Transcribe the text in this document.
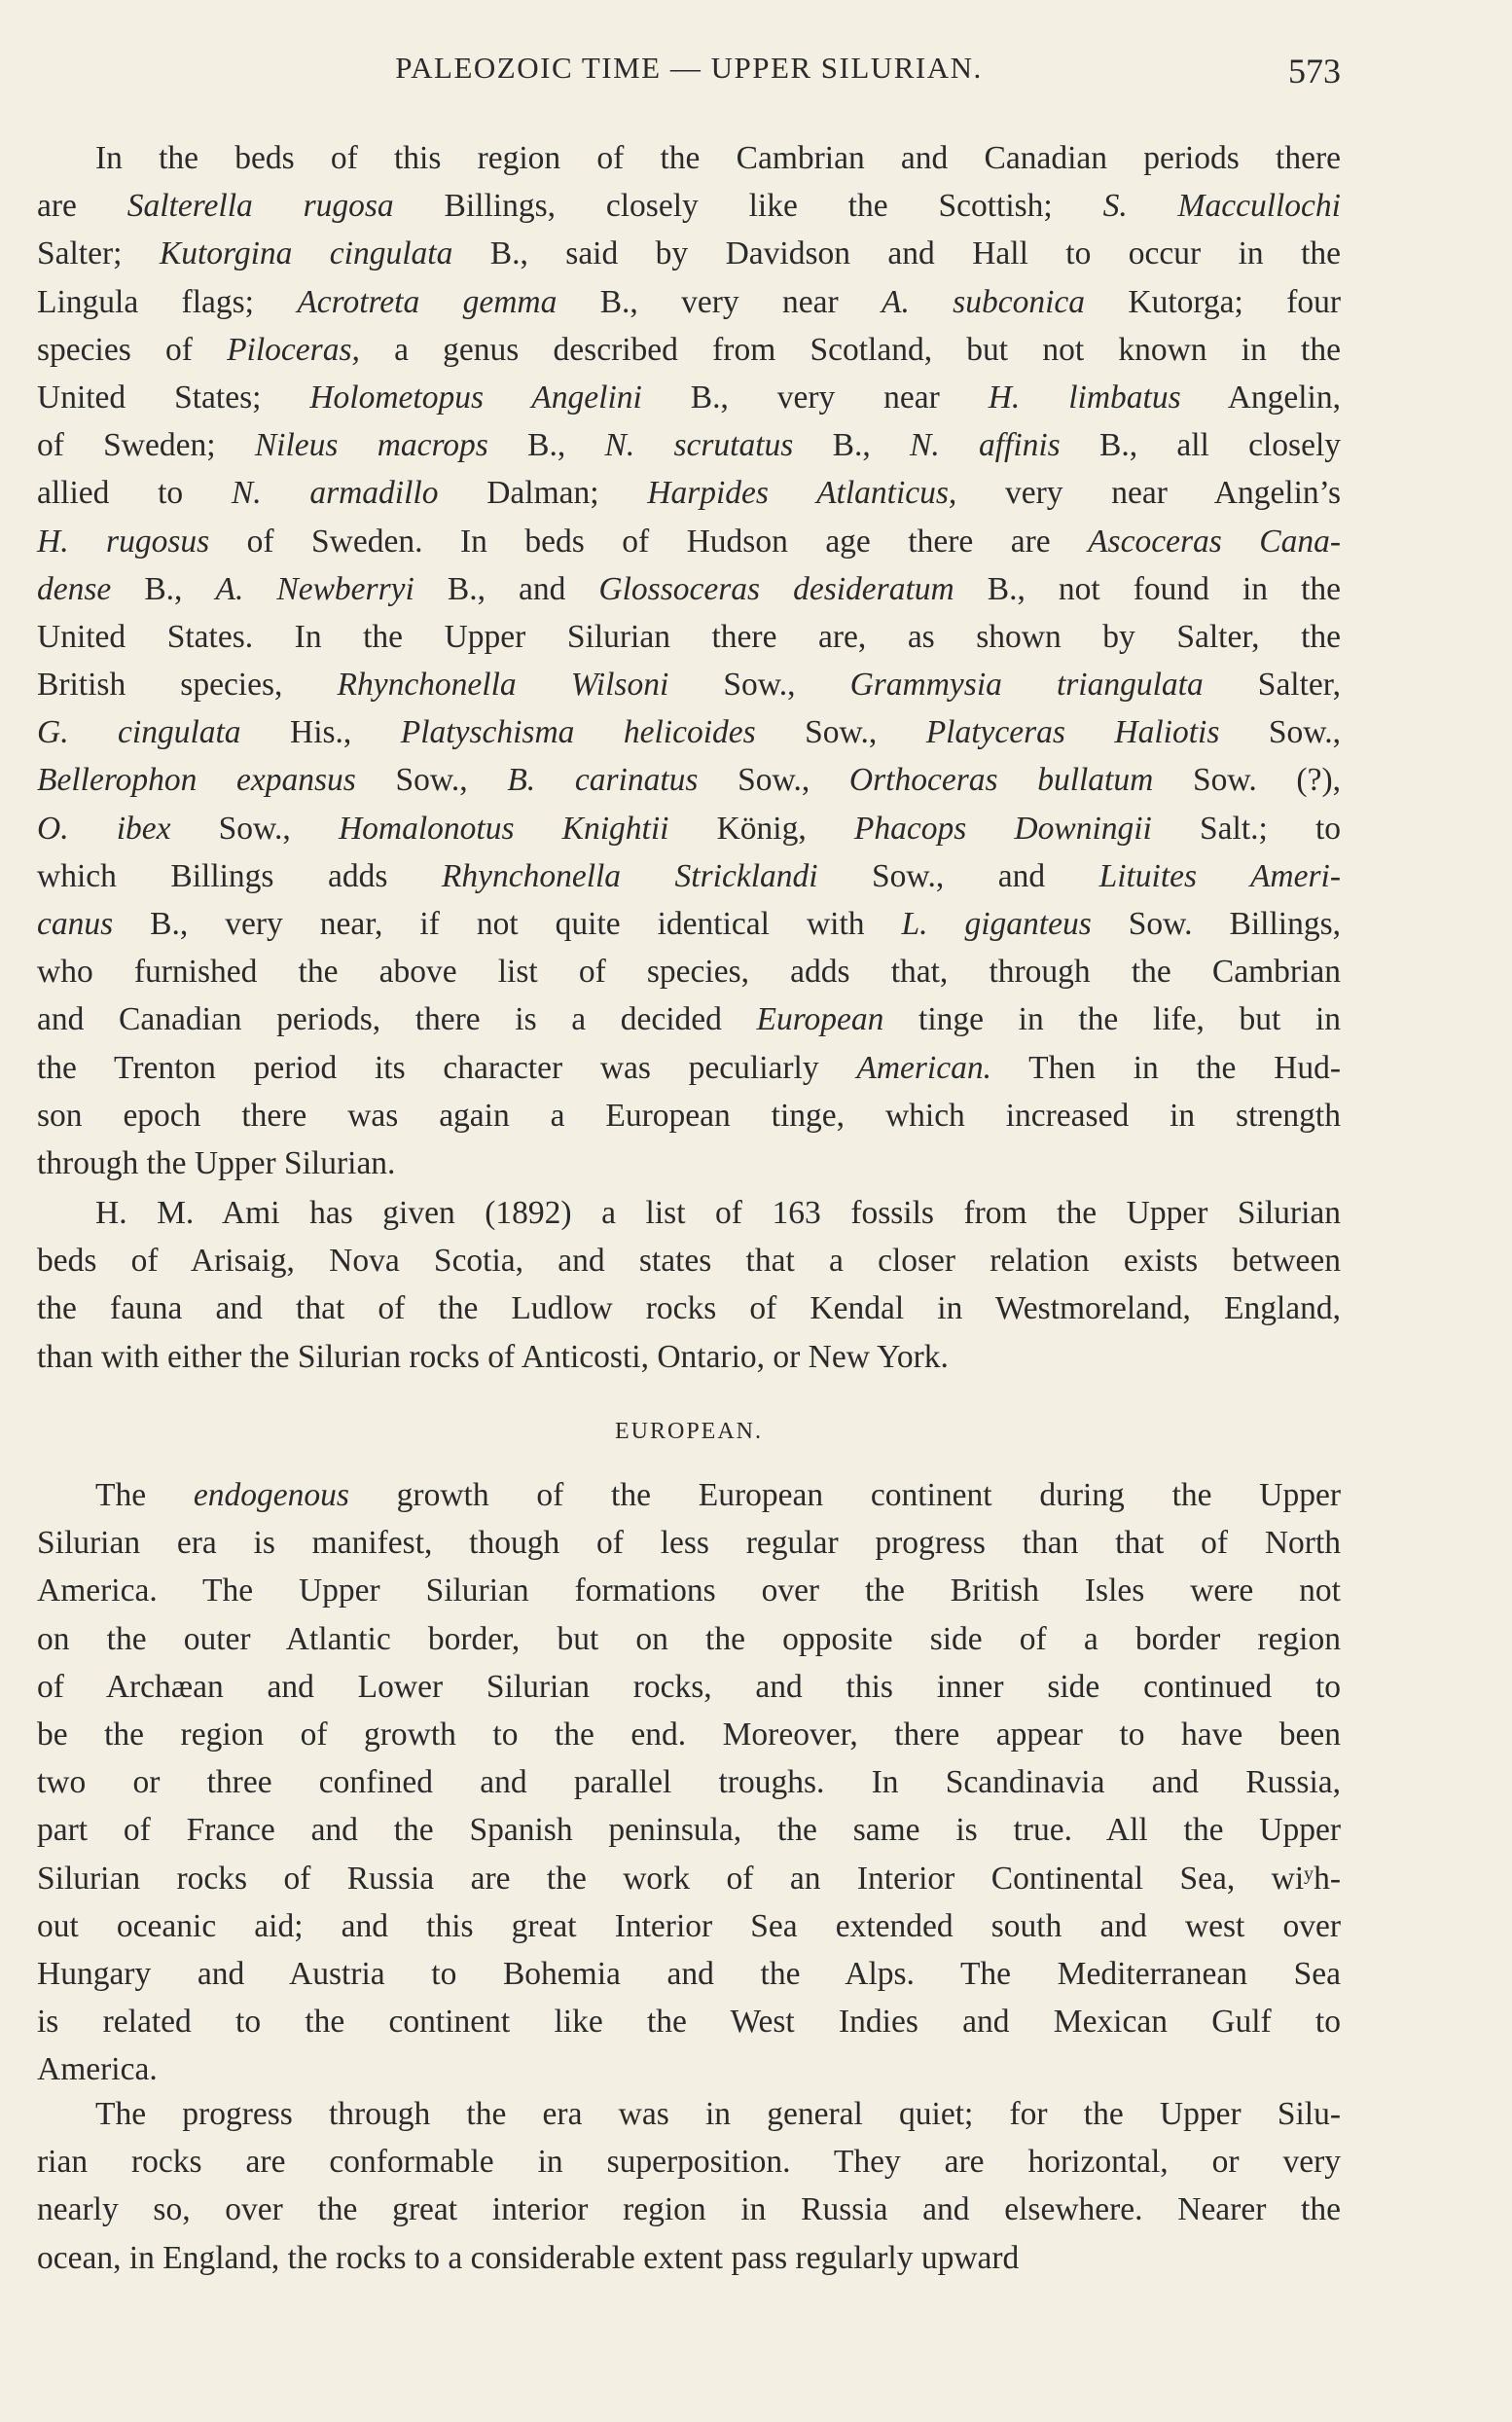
PALEOZOIC TIME — UPPER SILURIAN.	573
In the beds of this region of the Cambrian and Canadian periods there
are Salterella rugosa Billings, closely like the Scottish; S. Maccullochi
Salter; Kutorgina cingulata B., said by Davidson and Hall to occur in the
Lingula flags; Acrotreta gemma B., very near A. subconica Kutorga; four
species of Piloceras, a genus described from Scotland, but not known in the
United States; Holometopus Angelini B., very near H. limbatus Angelin,
of Sweden; Nileus macrops B., N. scrutatus B., N. affinis B., all closely
allied to N. armadillo Dalman; Harpides Atlanticus, very near Angelin’s
H. rugosus of Sweden. In beds of Hudson age there are Ascoceras Cana-
dense B., A. Newberryi B., and Glossoceras desideratum B., not found in the
United States. In the Upper Silurian there are, as shown by Salter, the
British species, Rhynchonella Wilsoni Sow., Grammysia triangulata Salter,
G. cingulata His., Platyschisma helicoides Sow., Platyceras Haliotis Sow.,
Bellerophon expansus Sow., B. carinatus Sow., Orthoceras bullatum Sow. (?),
O. ibex Sow., Homalonotus Knightii König, Phacops Downingii Salt.; to
which Billings adds Rhynchonella Stricklandi Sow., and Lituites Ameri-
canus B., very near, if not quite identical with L. giganteus Sow. Billings,
who furnished the above list of species, adds that, through the Cambrian
and Canadian periods, there is a decided European tinge in the life, but in
the Trenton period its character was peculiarly American. Then in the Hud-
son epoch there was again a European tinge, which increased in strength
through the Upper Silurian.
H. M. Ami has given (1892) a list of 163 fossils from the Upper Silurian
beds of Arisaig, Nova Scotia, and states that a closer relation exists between
the fauna and that of the Ludlow rocks of Kendal in Westmoreland, England,
than with either the Silurian rocks of Anticosti, Ontario, or New York.
EUROPEAN.
The endogenous growth of the European continent during the Upper
Silurian era is manifest, though of less regular progress than that of North
America. The Upper Silurian formations over the British Isles were not
on the outer Atlantic border, but on the opposite side of a border region
of Archæan and Lower Silurian rocks, and this inner side continued to
be the region of growth to the end. Moreover, there appear to have been
two or three confined and parallel troughs. In Scandinavia and Russia,
part of France and the Spanish peninsula, the same is true. All the Upper
Silurian rocks of Russia are the work of an Interior Continental Sea, wiʸh-
out oceanic aid; and this great Interior Sea extended south and west over
Hungary and Austria to Bohemia and the Alps. The Mediterranean Sea
is related to the continent like the West Indies and Mexican Gulf to
America.
The progress through the era was in general quiet; for the Upper Silu-
rian rocks are conformable in superposition. They are horizontal, or very
nearly so, over the great interior region in Russia and elsewhere. Nearer the
ocean, in England, the rocks to a considerable extent pass regularly upward
